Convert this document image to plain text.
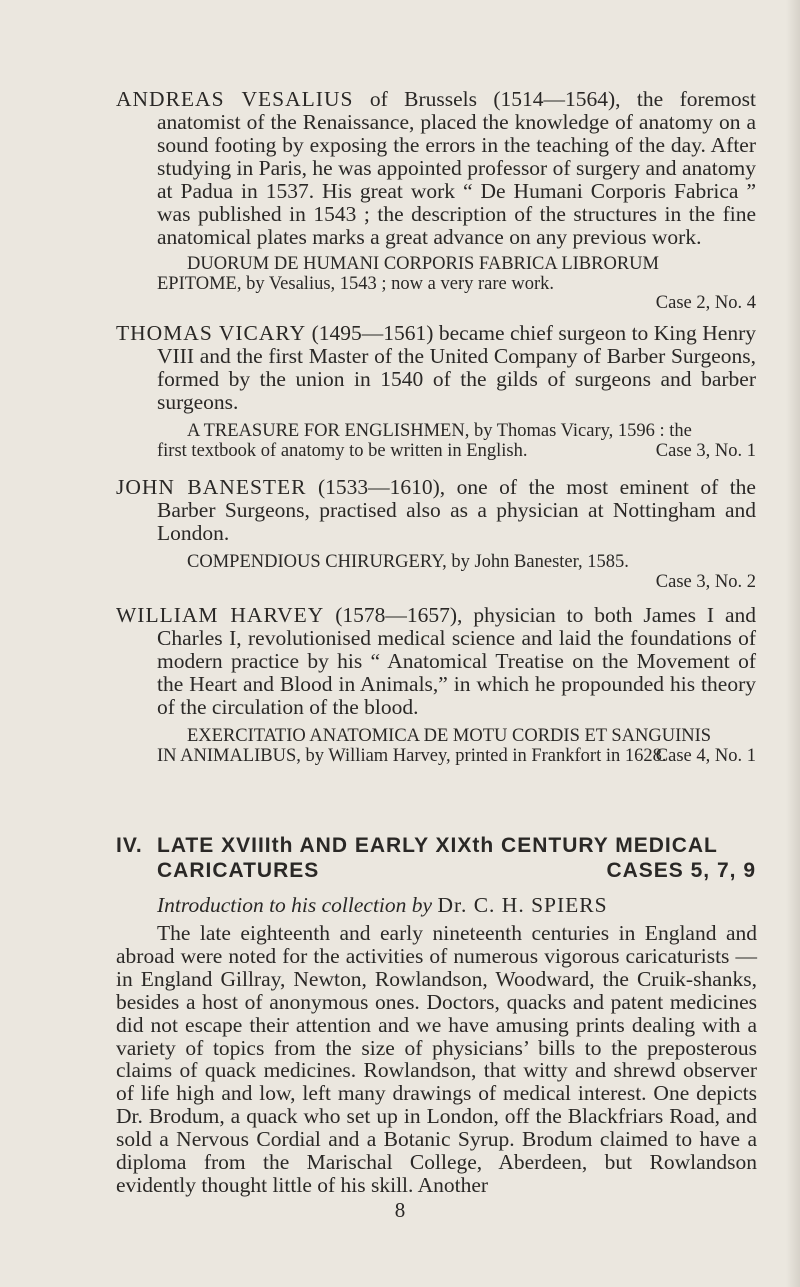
ANDREAS VESALIUS of Brussels (1514—1564), the foremost anatomist of the Renaissance, placed the knowledge of anatomy on a sound footing by exposing the errors in the teaching of the day. After studying in Paris, he was appointed professor of surgery and anatomy at Padua in 1537. His great work “ De Humani Corporis Fabrica ” was published in 1543 ; the description of the structures in the fine anatomical plates marks a great advance on any previous work.

DUORUM DE HUMANI CORPORIS FABRICA LIBRORUM
EPITOME, by Vesalius, 1543 ; now a very rare work.

Case 2, No. 4

THOMAS VICARY (1495—1561) became chief surgeon to King Henry VIII and the first Master of the United Company of Barber Surgeons, formed by the union in 1540 of the gilds of surgeons and barber surgeons.

A TREASURE FOR ENGLISHMEN, by Thomas Vicary, 1596 : the
first textbook of anatomy to be written in English.	Case 3, No. 1

JOHN BANESTER (1533—1610), one of the most eminent of the Barber Surgeons, practised also as a physician at Nottingham and London.

COMPENDIOUS CHIRURGERY, by John Banester, 1585.

Case 3, No. 2

WILLIAM HARVEY (1578—1657), physician to both James I and Charles I, revolutionised medical science and laid the foundations of modern practice by his “ Anatomical Treatise on the Movement of the Heart and Blood in Animals,” in which he propounded his theory of the circulation of the blood.

EXERCITATIO ANATOMICA DE MOTU CORDIS ET SANGUINIS
IN ANIMALIBUS, by William Harvey, printed in Frankfort in 1628.

Case 4, No. 1
IV. LATE XVIIIth AND EARLY XIXth CENTURY MEDICAL
CARICATURES	CASES 5, 7, 9

Introduction to his collection by Dr. C. H. SPIERS

The late eighteenth and early nineteenth centuries in England and abroad were noted for the activities of numerous vigorous caricaturists —in England Gillray, Newton, Rowlandson, Woodward, the Cruik-shanks, besides a host of anonymous ones. Doctors, quacks and patent medicines did not escape their attention and we have amusing prints dealing with a variety of topics from the size of physicians’ bills to the preposterous claims of quack medicines. Rowlandson, that witty and shrewd observer of life high and low, left many drawings of medical interest. One depicts Dr. Brodum, a quack who set up in London, off the Blackfriars Road, and sold a Nervous Cordial and a Botanic Syrup. Brodum claimed to have a diploma from the Marischal College, Aberdeen, but Rowlandson evidently thought little of his skill. Another

8
